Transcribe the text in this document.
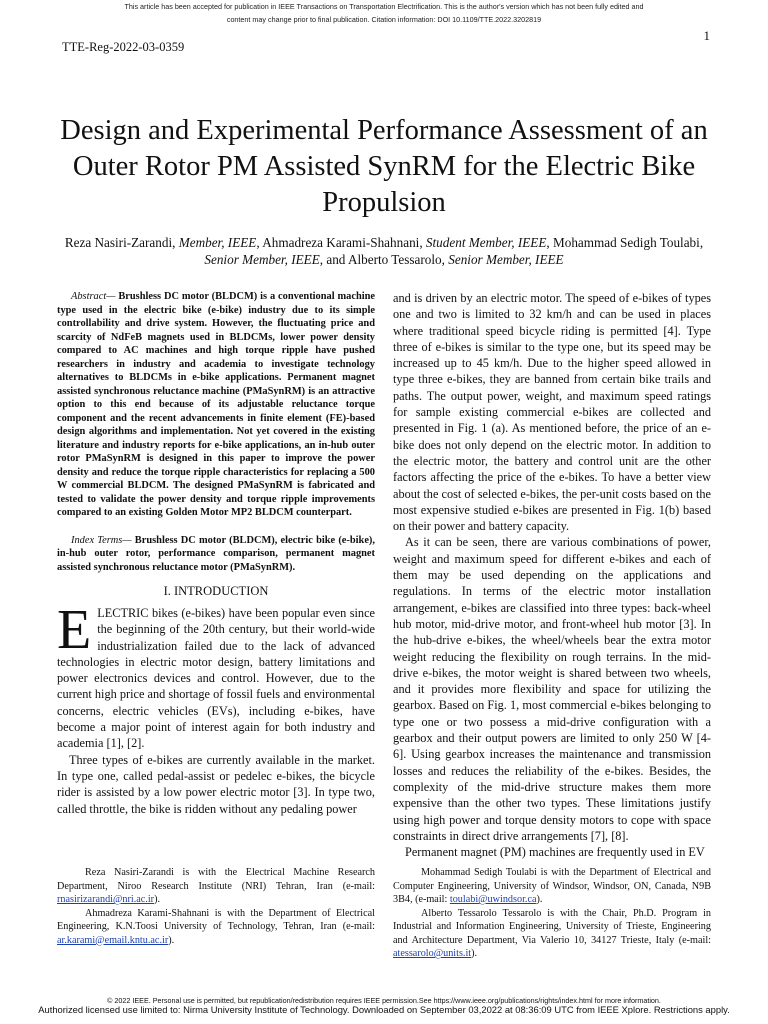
This article has been accepted for publication in IEEE Transactions on Transportation Electrification. This is the author's version which has not been fully edited and
content may change prior to final publication. Citation information: DOI 10.1109/TTE.2022.3202819
TTE-Reg-2022-03-0359
1
Design and Experimental Performance Assessment of an Outer Rotor PM Assisted SynRM for the Electric Bike Propulsion
Reza Nasiri-Zarandi, Member, IEEE, Ahmadreza Karami-Shahnani, Student Member, IEEE, Mohammad Sedigh Toulabi, Senior Member, IEEE, and Alberto Tessarolo, Senior Member, IEEE

Abstract— Brushless DC motor (BLDCM) is a conventional machine type used in the electric bike (e-bike) industry due to its simple controllability and drive system. However, the fluctuating price and scarcity of NdFeB magnets used in BLDCMs, lower power density compared to AC machines and high torque ripple have pushed researchers in industry and academia to investigate technology alternatives to BLDCMs in e-bike applications. Permanent magnet assisted synchronous reluctance machine (PMaSynRM) is an attractive option to this end because of its adjustable reluctance torque component and the recent advancements in finite element (FE)-based design algorithms and implementation. Not yet covered in the existing literature and industry reports for e-bike applications, an in-hub outer rotor PMaSynRM is designed in this paper to improve the power density and reduce the torque ripple characteristics for replacing a 500 W commercial BLDCM. The designed PMaSynRM is fabricated and tested to validate the power density and torque ripple improvements compared to an existing Golden Motor MP2 BLDCM counterpart.

Index Terms— Brushless DC motor (BLDCM), electric bike (e-bike), in-hub outer rotor, performance comparison, permanent magnet assisted synchronous reluctance motor (PMaSynRM).

I. INTRODUCTION

ELECTRIC bikes (e-bikes) have been popular even since the beginning of the 20th century, but their world-wide industrialization failed due to the lack of advanced technologies in electric motor design, battery limitations and power electronics devices and control. However, due to the current high price and shortage of fossil fuels and environmental concerns, electric vehicles (EVs), including e-bikes, have become a major point of interest again for both industry and academia [1], [2].

Three types of e-bikes are currently available in the market. In type one, called pedal-assist or pedelec e-bikes, the bicycle rider is assisted by a low power electric motor [3]. In type two, called throttle, the bike is ridden without any pedaling power

and is driven by an electric motor. The speed of e-bikes of types one and two is limited to 32 km/h and can be used in places where traditional speed bicycle riding is permitted [4]. Type three of e-bikes is similar to the type one, but its speed may be increased up to 45 km/h. Due to the higher speed allowed in type three e-bikes, they are banned from certain bike trails and paths. The output power, weight, and maximum speed ratings for sample existing commercial e-bikes are collected and presented in Fig. 1 (a). As mentioned before, the price of an e-bike does not only depend on the electric motor. In addition to the electric motor, the battery and control unit are the other factors affecting the price of the e-bikes. To have a better view about the cost of selected e-bikes, the per-unit costs based on the most expensive studied e-bikes are presented in Fig. 1(b) based on their power and battery capacity.

As it can be seen, there are various combinations of power, weight and maximum speed for different e-bikes and each of them may be used depending on the applications and regulations. In terms of the electric motor installation arrangement, e-bikes are classified into three types: back-wheel hub motor, mid-drive motor, and front-wheel hub motor [3]. In the hub-drive e-bikes, the wheel/wheels bear the extra motor weight reducing the flexibility on rough terrains. In the mid-drive e-bikes, the motor weight is shared between two wheels, and it provides more flexibility and space for utilizing the gearbox. Based on Fig. 1, most commercial e-bikes belonging to type one or two possess a mid-drive configuration with a gearbox and their output powers are limited to only 250 W [4-6]. Using gearbox increases the maintenance and transmission losses and reduces the reliability of the e-bikes. Besides, the complexity of the mid-drive structure makes them more expensive than the other two types. These limitations justify using high power and torque density motors to cope with space constraints in direct drive arrangements [7], [8].

Permanent magnet (PM) machines are frequently used in EV

Reza Nasiri-Zarandi is with the Electrical Machine Research Department, Niroo Research Institute (NRI) Tehran, Iran (e-mail: rnasirizarandi@nri.ac.ir).

Ahmadreza Karami-Shahnani is with the Department of Electrical Engineering, K.N.Toosi University of Technology, Tehran, Iran (e-mail: ar.karami@email.kntu.ac.ir).

Mohammad Sedigh Toulabi is with the Department of Electrical and Computer Engineering, University of Windsor, Windsor, ON, Canada, N9B 3B4, (e-mail: toulabi@uwindsor.ca).

Alberto Tessarolo Tessarolo is with the Chair, Ph.D. Program in Industrial and Information Engineering, University of Trieste, Engineering and Architecture Department, Via Valerio 10, 34127 Trieste, Italy (e-mail: atessarolo@units.it).

© 2022 IEEE. Personal use is permitted, but republication/redistribution requires IEEE permission.See https://www.ieee.org/publications/rights/index.html for more information.
Authorized licensed use limited to: Nirma University Institute of Technology. Downloaded on September 03,2022 at 08:36:09 UTC from IEEE Xplore. Restrictions apply.
